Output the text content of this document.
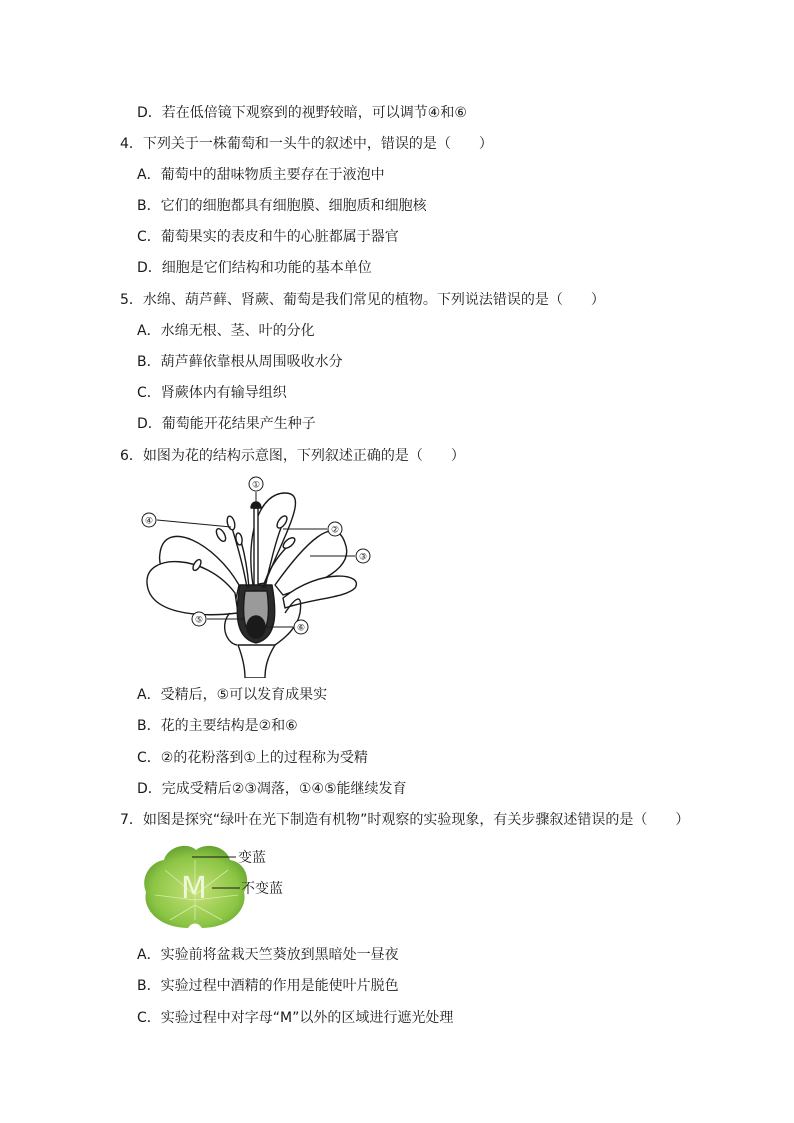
D．若在低倍镜下观察到的视野较暗，可以调节④和⑥
4．下列关于一株葡萄和一头牛的叙述中，错误的是（　　）
A．葡萄中的甜味物质主要存在于液泡中
B．它们的细胞都具有细胞膜、细胞质和细胞核
C．葡萄果实的表皮和牛的心脏都属于器官
D．细胞是它们结构和功能的基本单位
5．水绵、葫芦藓、肾蕨、葡萄是我们常见的植物。下列说法错误的是（　　）
A．水绵无根、茎、叶的分化
B．葫芦藓依靠根从周围吸收水分
C．肾蕨体内有输导组织
D．葡萄能开花结果产生种子
6．如图为花的结构示意图，下列叙述正确的是（　　）
①
②
③
④
⑤
⑥
A．受精后，⑤可以发育成果实
B．花的主要结构是②和⑥
C．②的花粉落到①上的过程称为受精
D．完成受精后②③凋落，①④⑤能继续发育
7．如图是探究“绿叶在光下制造有机物”时观察的实验现象，有关步骤叙述错误的是（　　）
M
变蓝
不变蓝
A．实验前将盆栽天竺葵放到黑暗处一昼夜
B．实验过程中酒精的作用是能使叶片脱色
C．实验过程中对字母“M”以外的区域进行遮光处理
